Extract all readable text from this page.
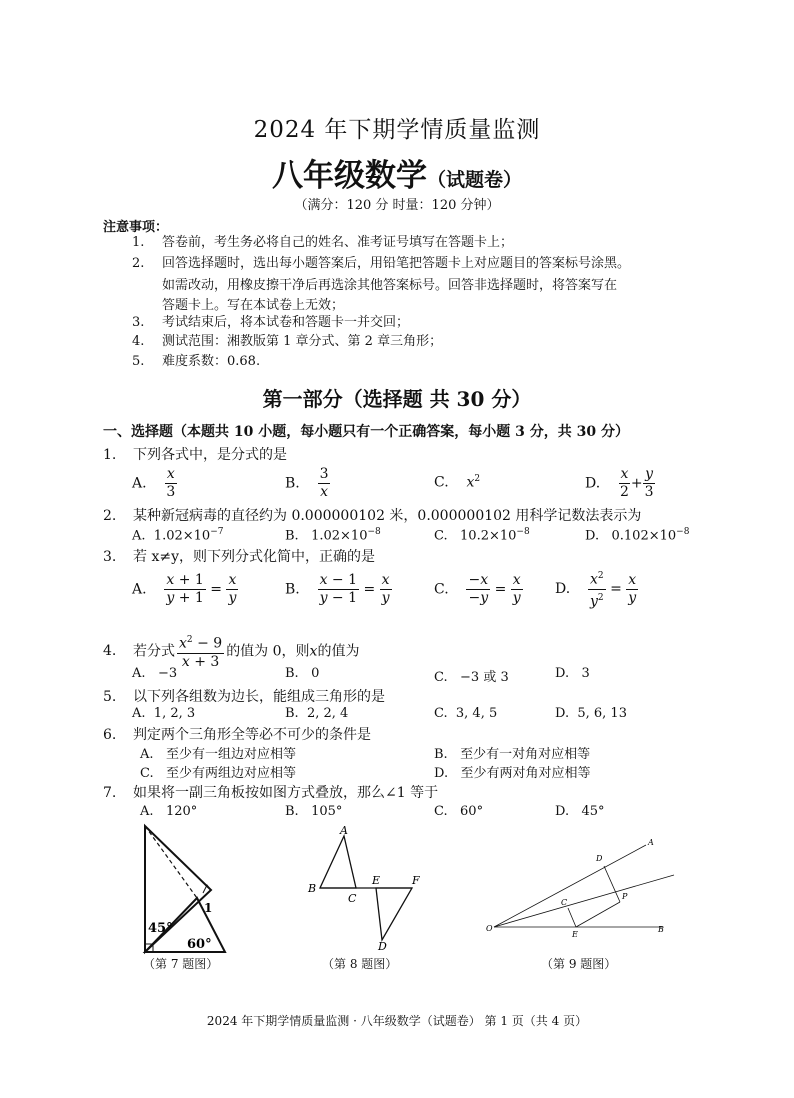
2024 年下期学情质量监测
八年级数学（试题卷）
（满分：120 分 时量：120 分钟）
注意事项：
1. 答卷前，考生务必将自己的姓名、准考证号填写在答题卡上；
2. 回答选择题时，选出每小题答案后，用铅笔把答题卡上对应题目的答案标号涂黑。
如需改动，用橡皮擦干净后再选涂其他答案标号。回答非选择题时，将答案写在
答题卡上。写在本试卷上无效；
3. 考试结束后，将本试卷和答题卡一并交回；
4. 测试范围：湘教版第 1 章分式、第 2 章三角形；
5. 难度系数：0.68.
第一部分（选择题 共 30 分）
一、选择题（本题共 10 小题，每小题只有一个正确答案，每小题 3 分，共 30 分）
1. 下列各式中，是分式的是
A. $\frac{x}{3}$	B. $\frac{3}{x}$	C. $x^2$	D. $\frac{x}{2} + \frac{y}{3}$
2. 某种新冠病毒的直径约为 0.000000102 米，0.000000102 用科学记数法表示为
A. $1.02\times 10^{-7}$	B. $1.02\times 10^{-8}$	C. $10.2\times 10^{-8}$	D. $0.102\times 10^{-8}$
3. 若 x≠y，则下列分式化简中，正确的是
A. $\frac{x + 1}{y + 1} = \frac{x}{y}$	B. $\frac{x - 1}{y - 1} = \frac{x}{y}$	C. $\frac{-x}{-y} = \frac{x}{y} D$. $\frac{x^2}{y^2} = \frac{x}{y}$
4. 若分式 $\frac{x^2 - 9}{x + 3}$ 的值为 0，则x的值为
A. −3	B. 0	C. −3 或 3	D. 3
5. 以下列各组数为边长，能组成三角形的是
A. 1, 2, 3	B. 2, 2, 4	C. 3, 4, 5	D. 5, 6, 13
6. 判定两个三角形全等必不可少的条件是
A. 至少有一组边对应相等	B. 至少有一对角对应相等
C. 至少有两组边对应相等	D. 至少有两对角对应相等
7. 如果将一副三角板按如图方式叠放，那么∠1 等于
A. 120°	B. 105°	C. 60°	D. 45°
45°
60°
1
（第 7 题图）
A
B
C
E	F
D
（第 8 题图）
A
D
P
C
E
O	B
（第 9 题图）
2024 年下期学情质量监测 · 八年级数学（试题卷） 第 1 页（共 4 页）
